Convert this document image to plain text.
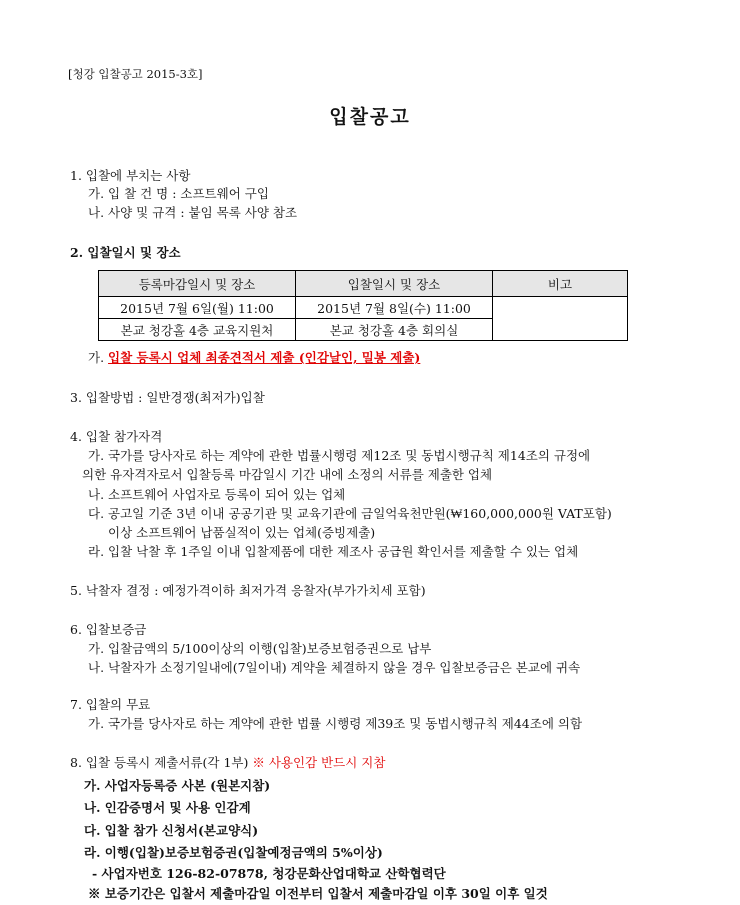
[청강 입찰공고 2015-3호]
입찰공고
1. 입찰에 부치는 사항
가. 입 찰 건 명 : 소프트웨어 구입
나. 사양 및 규격 : 붙임 목록 사양 참조
2. 입찰일시 및 장소
등록마감일시 및 장소	입찰일시 및 장소	비고
2015년 7월 6일(월) 11:00	2015년 7월 8일(수) 11:00	
본교 청강홀 4층 교육지원처	본교 청강홀 4층 회의실	
가. 입찰 등록시 업체 최종견적서 제출 (인감날인, 밀봉 제출)
3. 입찰방법 : 일반경쟁(최저가)입찰
4. 입찰 참가자격
가. 국가를 당사자로 하는 계약에 관한 법률시행령 제12조 및 동법시행규칙 제14조의 규정에
의한 유자격자로서 입찰등록 마감일시 기간 내에 소정의 서류를 제출한 업체
나. 소프트웨어 사업자로 등록이 되어 있는 업체
다. 공고일 기준 3년 이내 공공기관 및 교육기관에 금일억육천만원(₩160,000,000원 VAT포함)
이상 소프트웨어 납품실적이 있는 업체(증빙제출)
라. 입찰 낙찰 후 1주일 이내 입찰제품에 대한 제조사 공급원 확인서를 제출할 수 있는 업체
5. 낙찰자 결정 : 예정가격이하 최저가격 응찰자(부가가치세 포함)
6. 입찰보증금
가. 입찰금액의 5/100이상의 이행(입찰)보증보험증권으로 납부
나. 낙찰자가 소정기일내에(7일이내) 계약을 체결하지 않을 경우 입찰보증금은 본교에 귀속
7. 입찰의 무료
가. 국가를 당사자로 하는 계약에 관한 법률 시행령 제39조 및 동법시행규칙 제44조에 의함
8. 입찰 등록시 제출서류(각 1부) ※ 사용인감 반드시 지참
가. 사업자등록증 사본 (원본지참)
나. 인감증명서 및 사용 인감계
다. 입찰 참가 신청서(본교양식)
라. 이행(입찰)보증보험증권(입찰예정금액의 5%이상)
- 사업자번호 126-82-07878, 청강문화산업대학교 산학협력단
※ 보증기간은 입찰서 제출마감일 이전부터 입찰서 제출마감일 이후 30일 이후 일것
